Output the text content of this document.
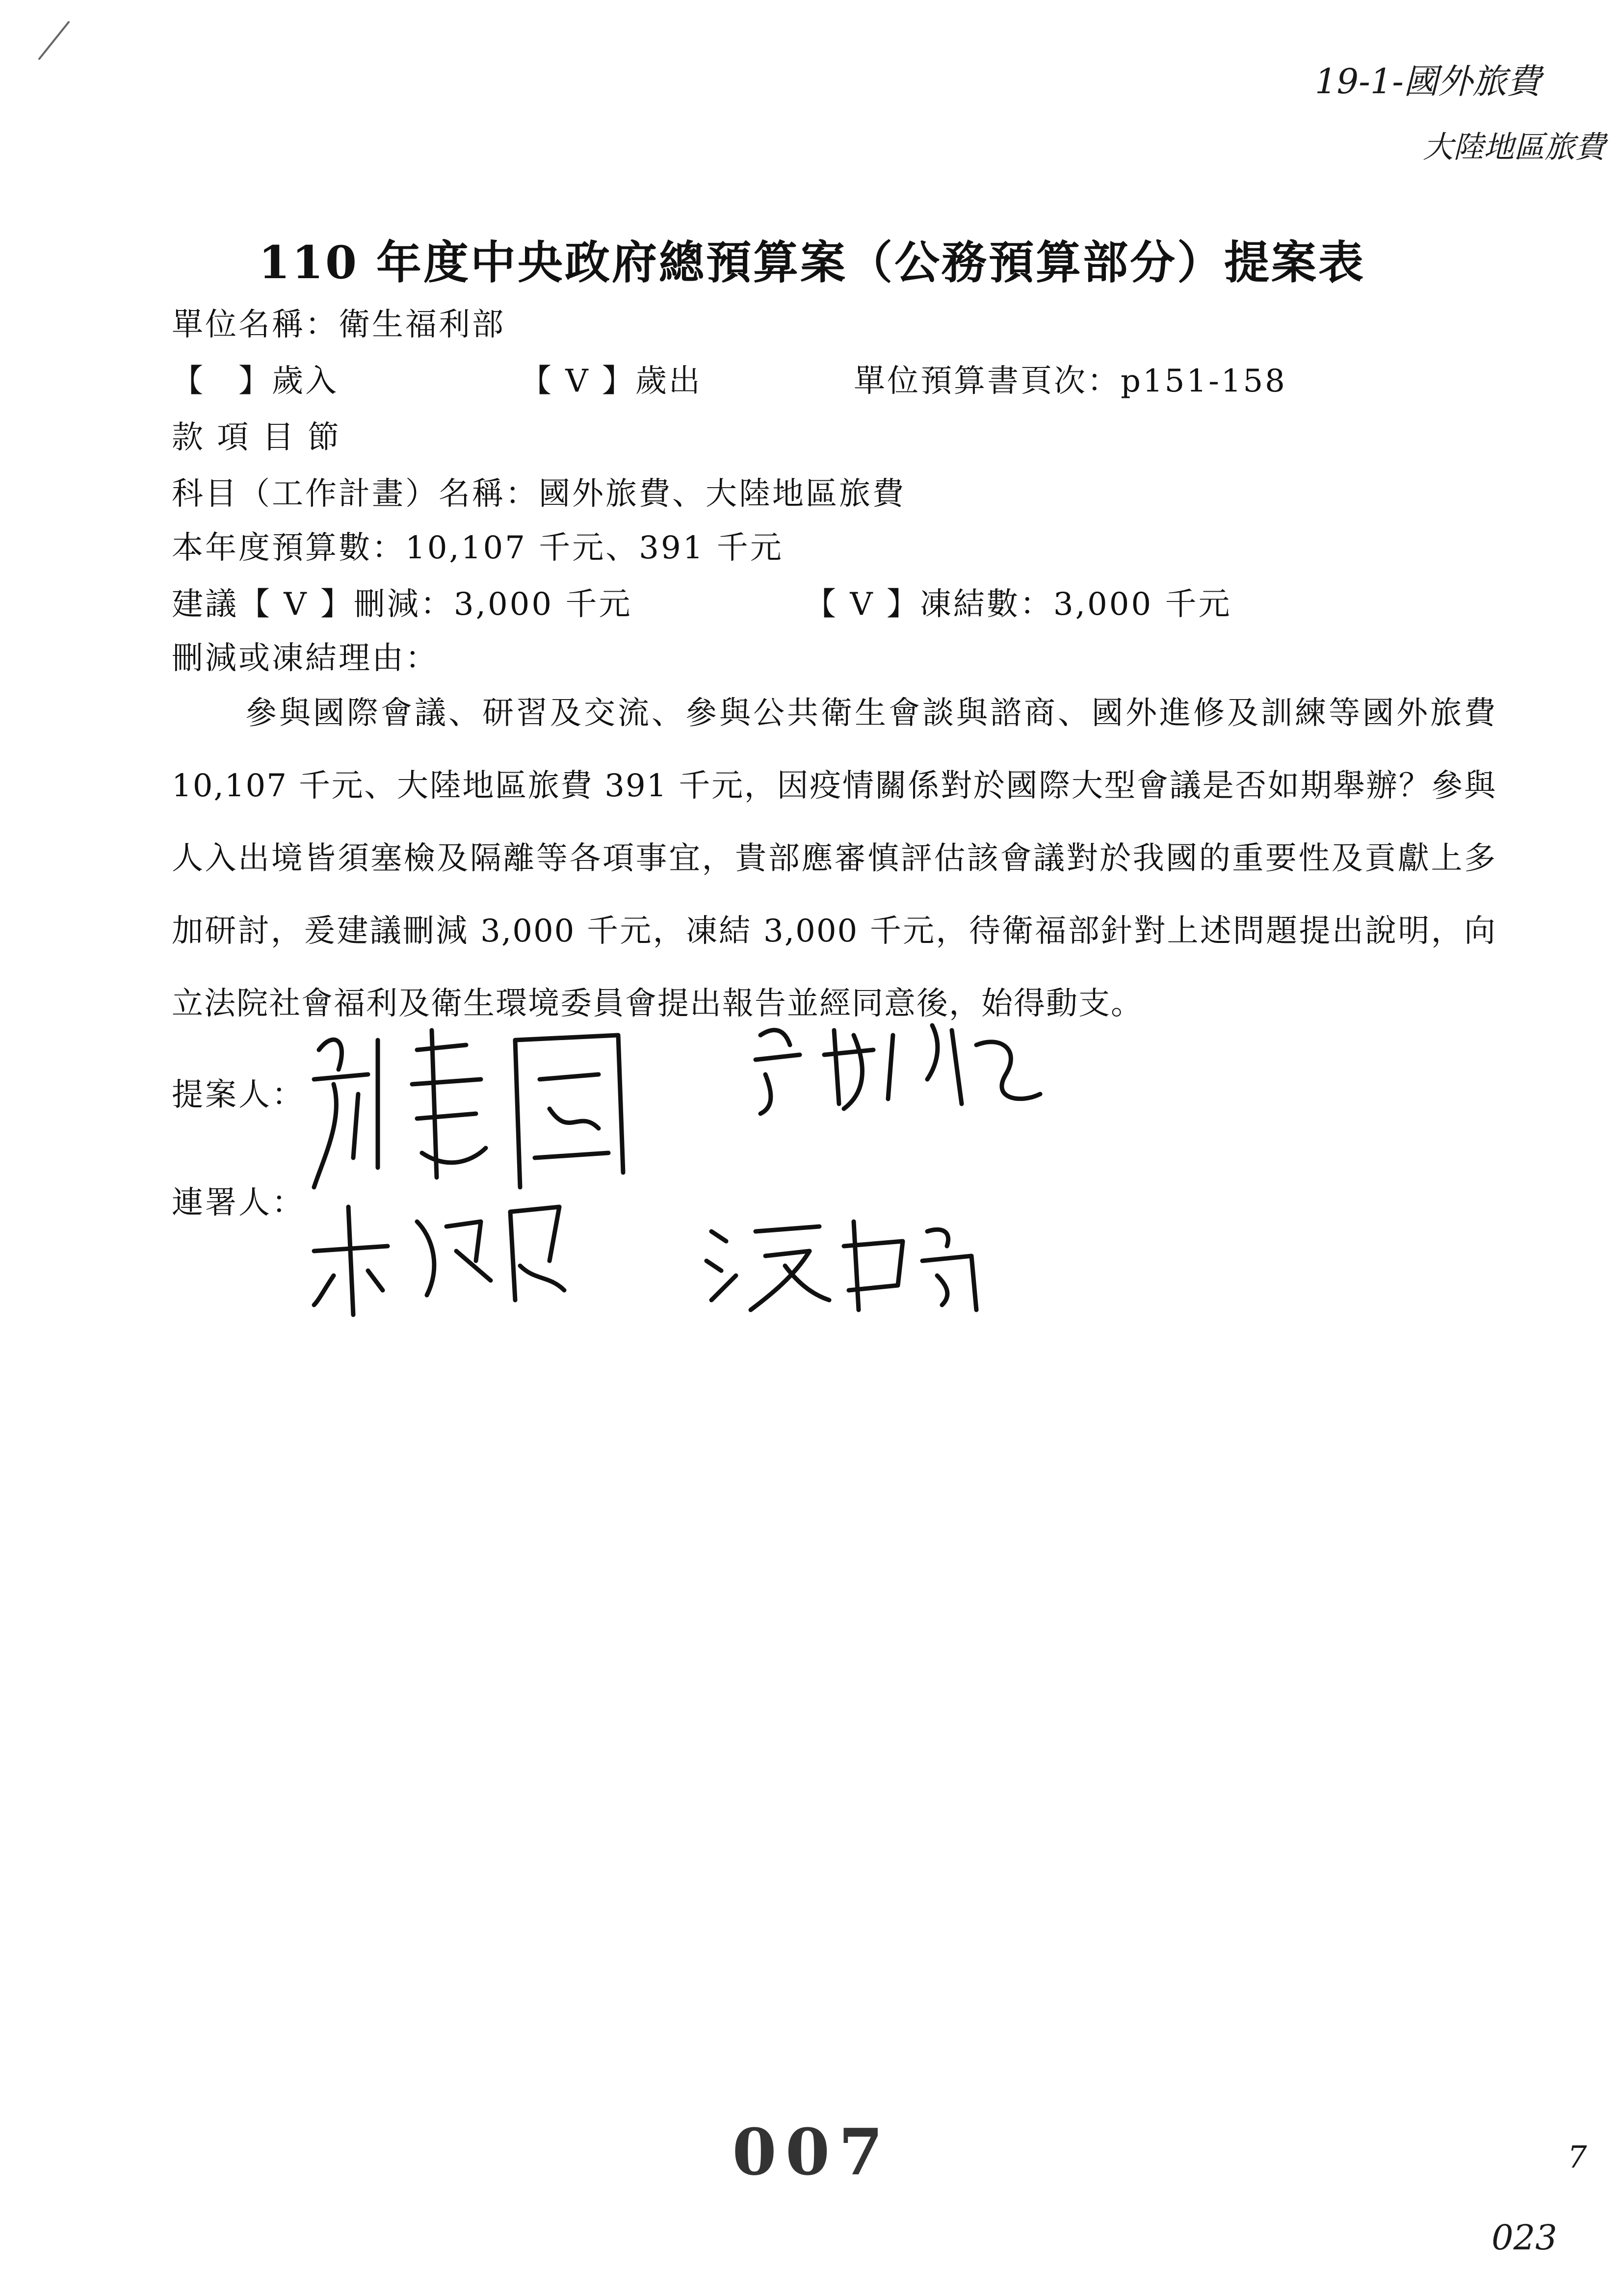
19-1-國外旅費
大陸地區旅費
110 年度中央政府總預算案（公務預算部分）提案表
單位名稱：衛生福利部
【　】歲入	【 V 】歲出	單位預算書頁次：p151-158
款 項 目 節
科目（工作計畫）名稱：國外旅費、大陸地區旅費
本年度預算數：10,107 千元、391 千元
建議【 V 】刪減：3,000 千元	【 V 】凍結數：3,000 千元
刪減或凍結理由：
參與國際會議、研習及交流、參與公共衛生會談與諮商、國外進修及訓練等國外旅費 10,107 千元、大陸地區旅費 391 千元，因疫情關係對於國際大型會議是否如期舉辦？參與人入出境皆須塞檢及隔離等各項事宜，貴部應審慎評估該會議對於我國的重要性及貢獻上多加研討，爰建議刪減 3,000 千元，凍結 3,000 千元，待衛福部針對上述問題提出說明，向立法院社會福利及衛生環境委員會提出報告並經同意後，始得動支。
提案人：
連署人：
007	7
023
